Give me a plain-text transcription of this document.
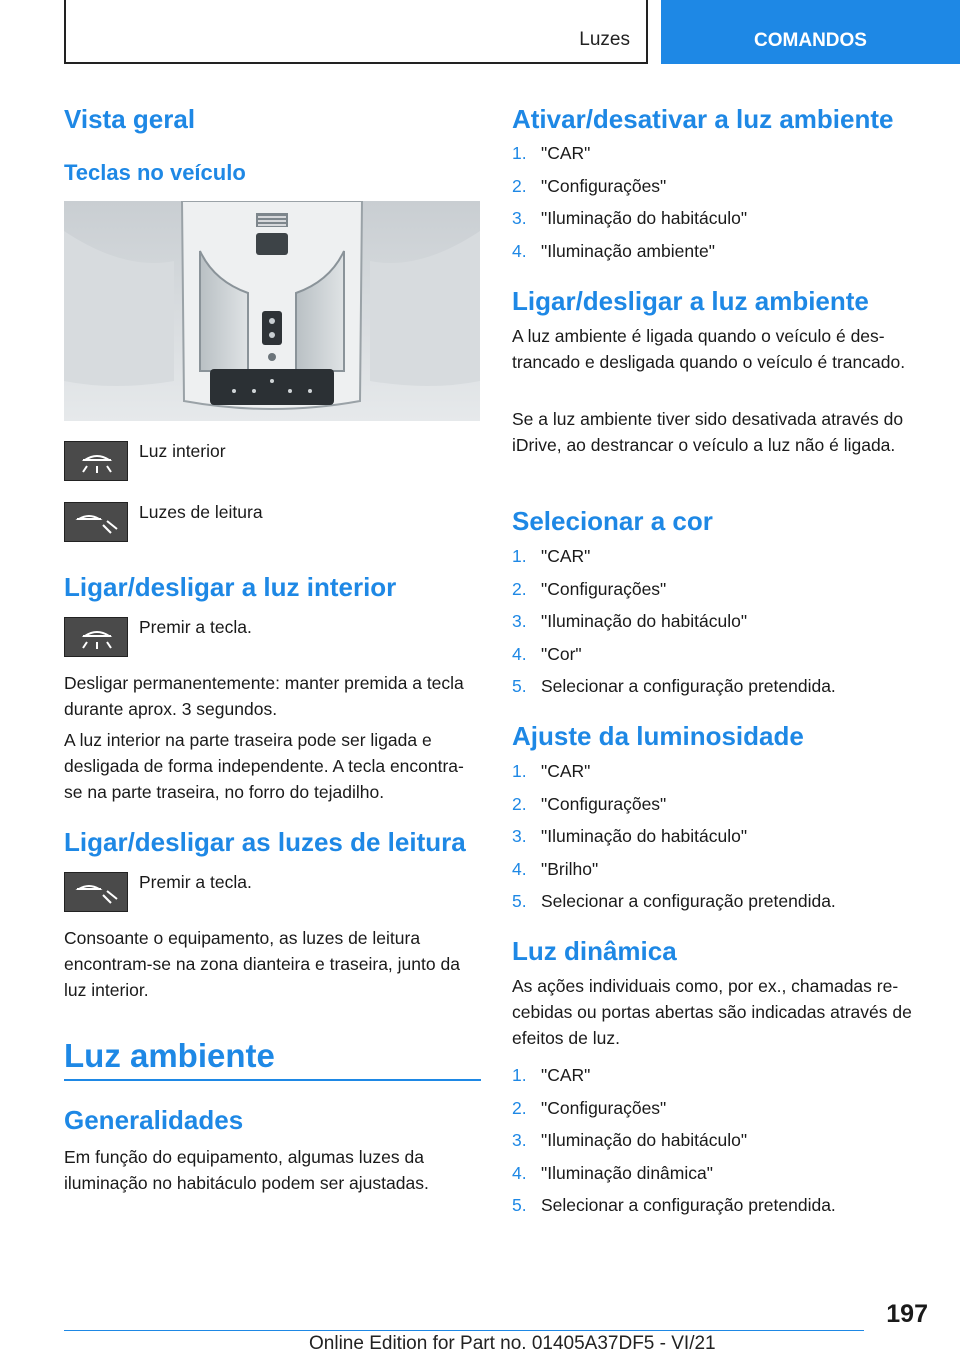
Luzes	COMANDOS
Vista geral
Teclas no veículo
Luz interior
Luzes de leitura
Ligar/desligar a luz interior
Premir a tecla.
Desligar permanentemente: manter premida a tecla durante aprox. 3 segundos.
A luz interior na parte traseira pode ser ligada e desligada de forma independente. A tecla encontra-se na parte traseira, no forro do tejadilho.
Ligar/desligar as luzes de leitura
Premir a tecla.
Consoante o equipamento, as luzes de leitura encontram-se na zona dianteira e traseira, junto da luz interior.
Luz ambiente
Generalidades
Em função do equipamento, algumas luzes da iluminação no habitáculo podem ser ajustadas.
Ativar/desativar a luz ambiente
1. "CAR"
2. "Configurações"
3. "Iluminação do habitáculo"
4. "Iluminação ambiente"
Ligar/desligar a luz ambiente
A luz ambiente é ligada quando o veículo é destrancado e desligada quando o veículo é trancado.
Se a luz ambiente tiver sido desativada através do iDrive, ao destrancar o veículo a luz não é ligada.
Selecionar a cor
1. "CAR"
2. "Configurações"
3. "Iluminação do habitáculo"
4. "Cor"
5. Selecionar a configuração pretendida.
Ajuste da luminosidade
1. "CAR"
2. "Configurações"
3. "Iluminação do habitáculo"
4. "Brilho"
5. Selecionar a configuração pretendida.
Luz dinâmica
As ações individuais como, por ex., chamadas recebidas ou portas abertas são indicadas através de efeitos de luz.
1. "CAR"
2. "Configurações"
3. "Iluminação do habitáculo"
4. "Iluminação dinâmica"
5. Selecionar a configuração pretendida.
197
Online Edition for Part no. 01405A37DF5 - VI/21
